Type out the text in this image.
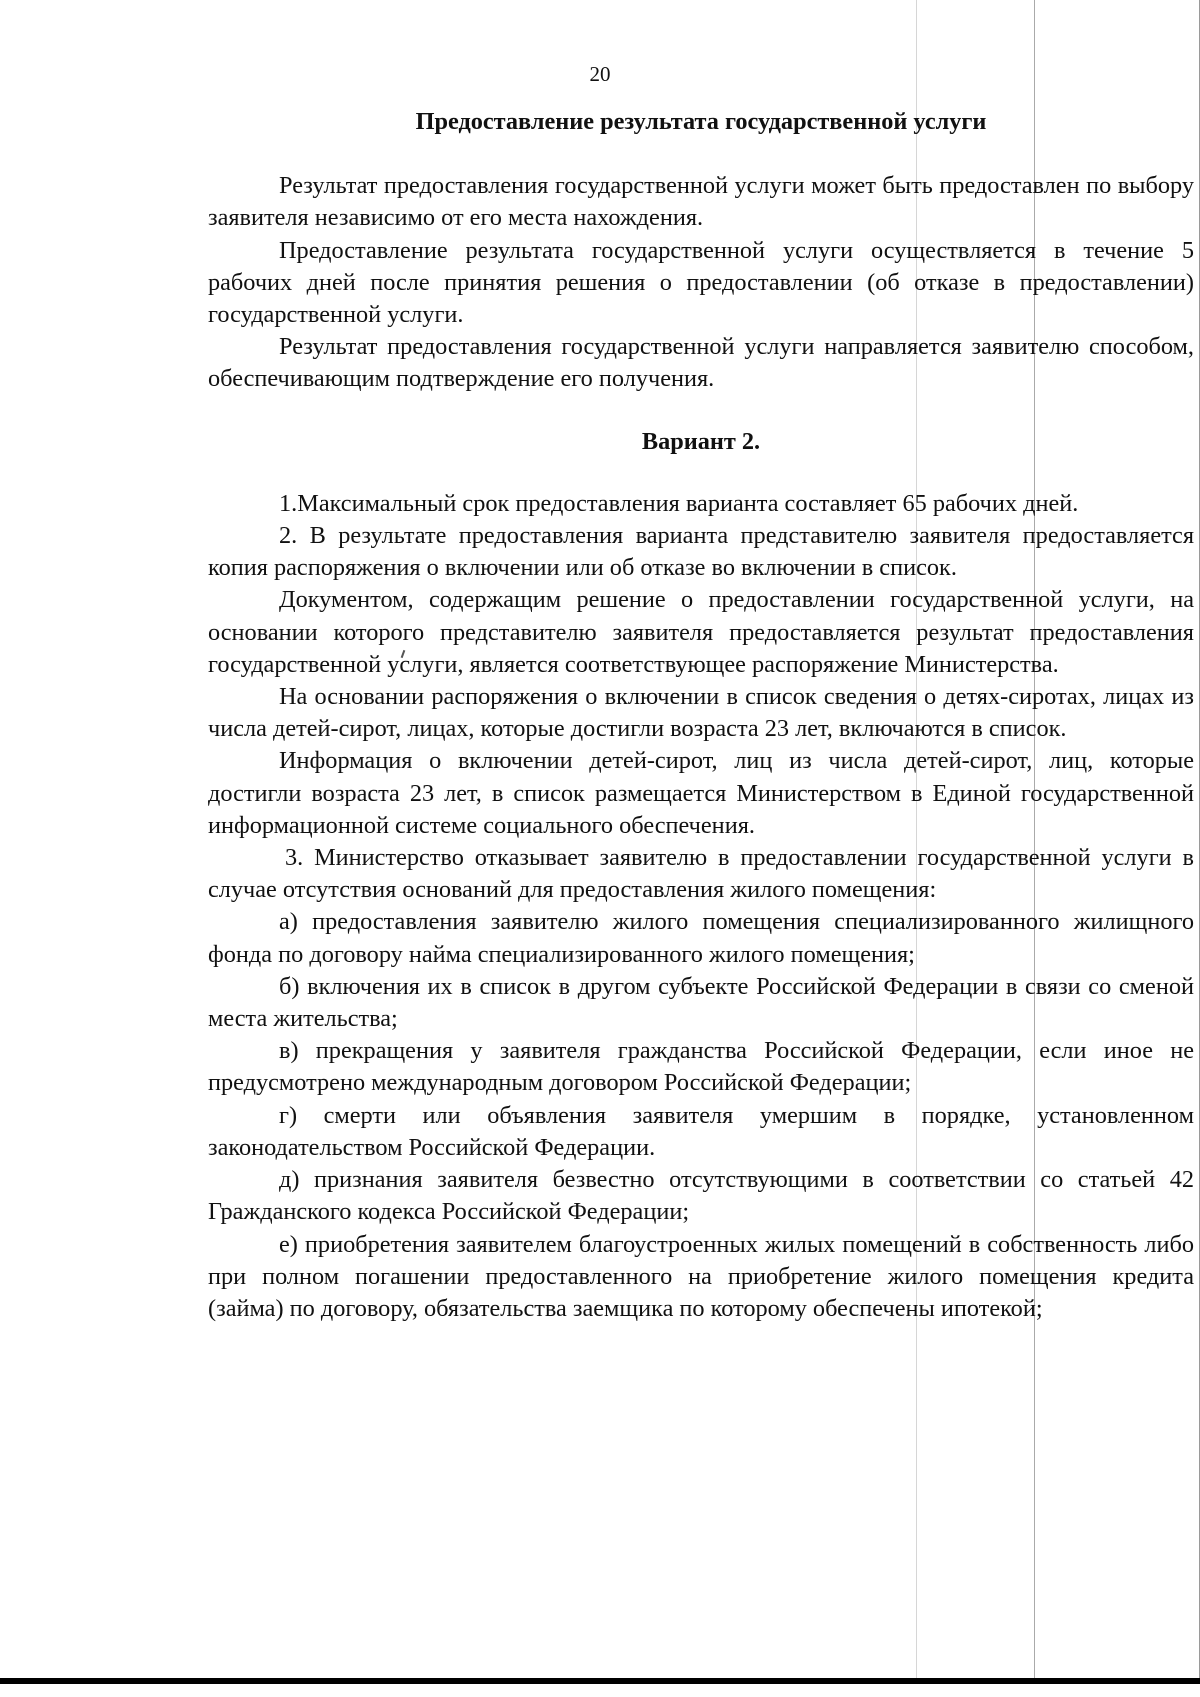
20

Предоставление результата государственной услуги

Результат предоставления государственной услуги может быть предоставлен по выбору заявителя независимо от его места нахождения.

Предоставление результата государственной услуги осуществляется в течение 5 рабочих дней после принятия решения о предоставлении (об отказе в предоставлении) государственной услуги.

Результат предоставления государственной услуги направляется заявителю способом, обеспечивающим подтверждение его получения.

Вариант 2.

1.Максимальный срок предоставления варианта составляет 65 рабочих дней.

2. В результате предоставления варианта представителю заявителя предоставляется копия распоряжения о включении или об отказе во включении в список.

Документом, содержащим решение о предоставлении государственной услуги, на основании которого представителю заявителя предоставляется результат предоставления государственной услуги, является соответствующее распоряжение Министерства.

На основании распоряжения о включении в список сведения о детях-сиротах, лицах из числа детей-сирот, лицах, которые достигли возраста 23 лет, включаются в список.

Информация о включении детей-сирот, лиц из числа детей-сирот, лиц, которые достигли возраста 23 лет, в список размещается Министерством в Единой государственной информационной системе социального обеспечения.

3. Министерство отказывает заявителю в предоставлении государственной услуги в случае отсутствия оснований для предоставления жилого помещения:

а) предоставления заявителю жилого помещения специализированного жилищного фонда по договору найма специализированного жилого помещения;

б) включения их в список в другом субъекте Российской Федерации в связи со сменой места жительства;

в) прекращения у заявителя гражданства Российской Федерации, если иное не предусмотрено международным договором Российской Федерации;

г) смерти или объявления заявителя умершим в порядке, установленном законодательством Российской Федерации.

д) признания заявителя безвестно отсутствующими в соответствии со статьей 42 Гражданского кодекса Российской Федерации;

е) приобретения заявителем благоустроенных жилых помещений в собственность либо при полном погашении предоставленного на приобретение жилого помещения кредита (займа) по договору, обязательства заемщика по которому обеспечены ипотекой;
